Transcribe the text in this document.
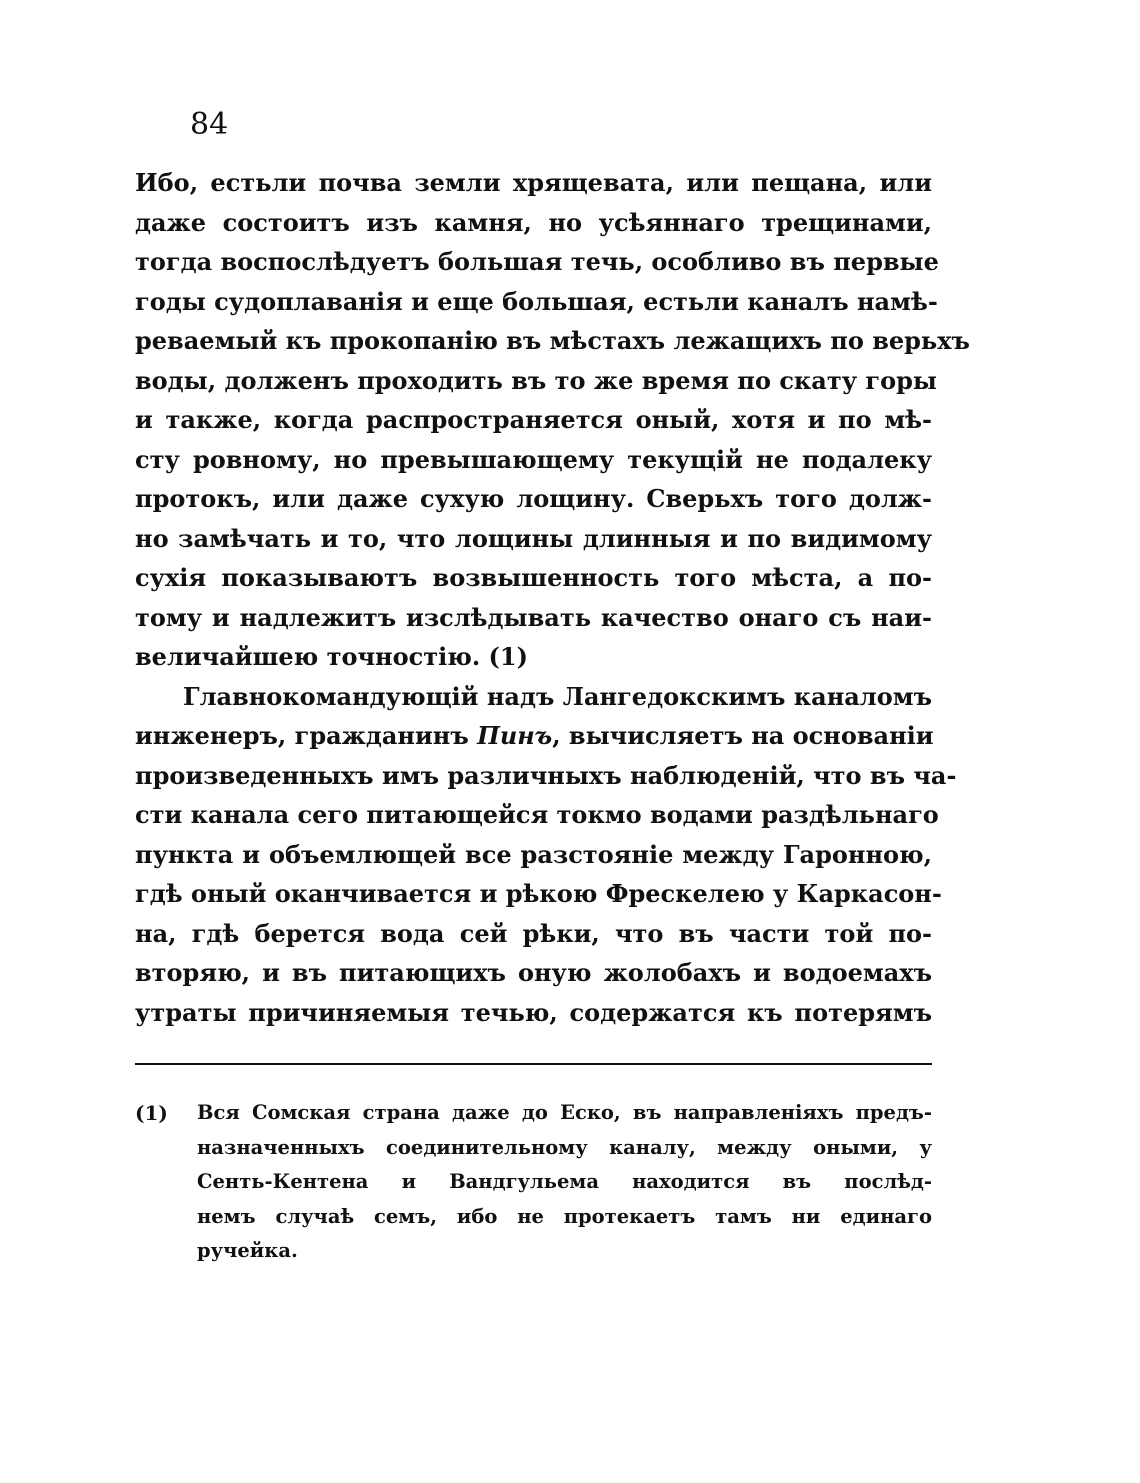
84
Ибо, естьли почва земли хрящевата, или пещана, или
даже состоитъ изъ камня, но усѣяннаго трещинами,
тогда воспослѣдуетъ большая течь, особливо въ первые
годы судоплаванія и еще большая, естьли каналъ намѣ-
реваемый къ прокопанію въ мѣстахъ лежащихъ по верьхъ
воды, долженъ проходить въ то же время по скату горы
и также, когда распространяется оный, хотя и по мѣ-
сту ровному, но превышающему текущій не подалеку
протокъ, или даже сухую лощину. Сверьхъ того долж-
но замѣчать и то, что лощины длинныя и по видимому
сухія показываютъ возвышенность того мѣста, а по-
тому и надлежитъ изслѣдывать качество онаго съ наи-
величайшею точностію. (1)
Главнокомандующій надъ Лангедокскимъ каналомъ
инженеръ, гражданинъ Пинъ, вычисляетъ на основаніи
произведенныхъ имъ различныхъ наблюденій, что въ ча-
сти канала сего питающейся токмо водами раздѣльнаго
пункта и объемлющей все разстояніе между Гаронною,
гдѣ оный оканчивается и рѣкою Фрескелею у Каркасон-
на, гдѣ берется вода сей рѣки, что въ части той по-
вторяю, и въ питающихъ оную жолобахъ и водоемахъ
утраты причиняемыя течью, содержатся къ потерямъ
(1) Вся Сомская страна даже до Еско, въ направленіяхъ предъ-
назначенныхъ соединительному каналу, между оными, у
Сенть-Кентена и Вандгульема находится въ послѣд-
немъ случаѣ семъ, ибо не протекаетъ тамъ ни единаго
ручейка.
